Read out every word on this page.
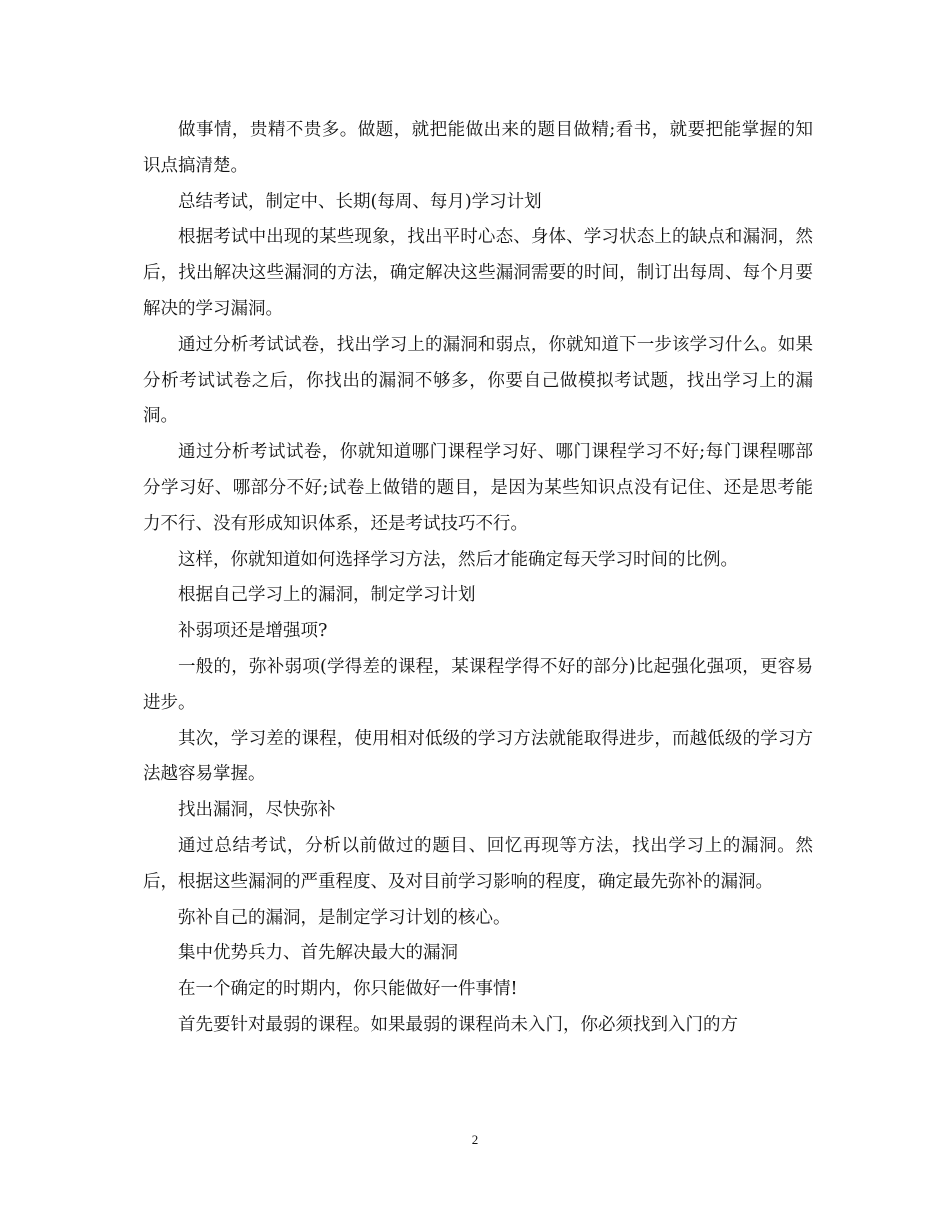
做事情，贵精不贵多。做题，就把能做出来的题目做精;看书，就要把能掌握的知识点搞清楚。

总结考试，制定中、长期(每周、每月)学习计划

根据考试中出现的某些现象，找出平时心态、身体、学习状态上的缺点和漏洞，然后，找出解决这些漏洞的方法，确定解决这些漏洞需要的时间，制订出每周、每个月要解决的学习漏洞。

通过分析考试试卷，找出学习上的漏洞和弱点，你就知道下一步该学习什么。如果分析考试试卷之后，你找出的漏洞不够多，你要自己做模拟考试题，找出学习上的漏洞。

通过分析考试试卷，你就知道哪门课程学习好、哪门课程学习不好;每门课程哪部分学习好、哪部分不好;试卷上做错的题目，是因为某些知识点没有记住、还是思考能力不行、没有形成知识体系，还是考试技巧不行。

这样，你就知道如何选择学习方法，然后才能确定每天学习时间的比例。

根据自己学习上的漏洞，制定学习计划

补弱项还是增强项?

一般的，弥补弱项(学得差的课程，某课程学得不好的部分)比起强化强项，更容易进步。

其次，学习差的课程，使用相对低级的学习方法就能取得进步，而越低级的学习方法越容易掌握。

找出漏洞，尽快弥补

通过总结考试，分析以前做过的题目、回忆再现等方法，找出学习上的漏洞。然后，根据这些漏洞的严重程度、及对目前学习影响的程度，确定最先弥补的漏洞。

弥补自己的漏洞，是制定学习计划的核心。

集中优势兵力、首先解决最大的漏洞

在一个确定的时期内，你只能做好一件事情!

首先要针对最弱的课程。如果最弱的课程尚未入门，你必须找到入门的方

2
